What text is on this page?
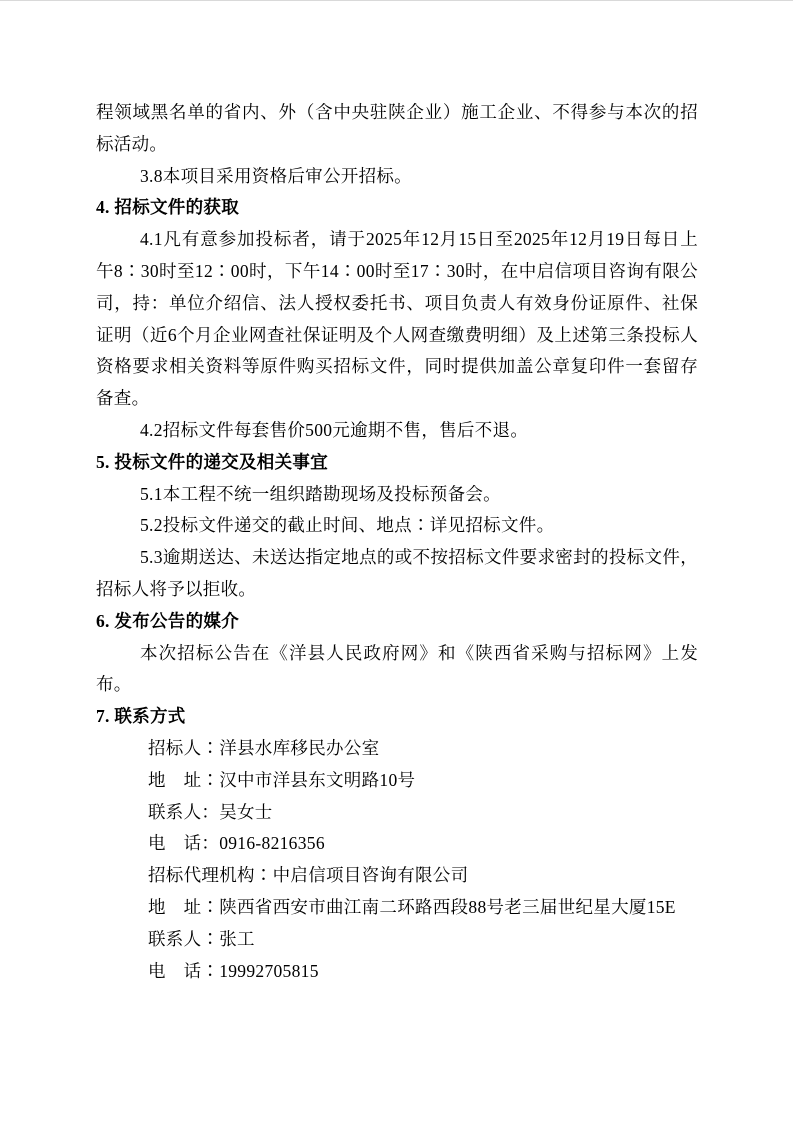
程领域黑名单的省内、外（含中央驻陕企业）施工企业、不得参与本次的招标活动。

3.8本项目采用资格后审公开招标。

4. 招标文件的获取

4.1凡有意参加投标者，请于2025年12月15日至2025年12月19日每日上午8∶30时至12∶00时，下午14∶00时至17∶30时，在中启信项目咨询有限公司，持：单位介绍信、法人授权委托书、项目负责人有效身份证原件、社保证明（近6个月企业网查社保证明及个人网查缴费明细）及上述第三条投标人资格要求相关资料等原件购买招标文件，同时提供加盖公章复印件一套留存备查。

4.2招标文件每套售价500元逾期不售，售后不退。

5. 投标文件的递交及相关事宜

5.1本工程不统一组织踏勘现场及投标预备会。

5.2投标文件递交的截止时间、地点∶详见招标文件。

5.3逾期送达、未送达指定地点的或不按招标文件要求密封的投标文件，招标人将予以拒收。

6. 发布公告的媒介

本次招标公告在《洋县人民政府网》和《陕西省采购与招标网》上发布。

7. 联系方式

招标人∶洋县水库移民办公室

地　址∶汉中市洋县东文明路10号

联系人：吴女士

电　话：0916-8216356

招标代理机构∶中启信项目咨询有限公司

地　址∶陕西省西安市曲江南二环路西段88号老三届世纪星大厦15E

联系人∶张工

电　话∶19992705815
